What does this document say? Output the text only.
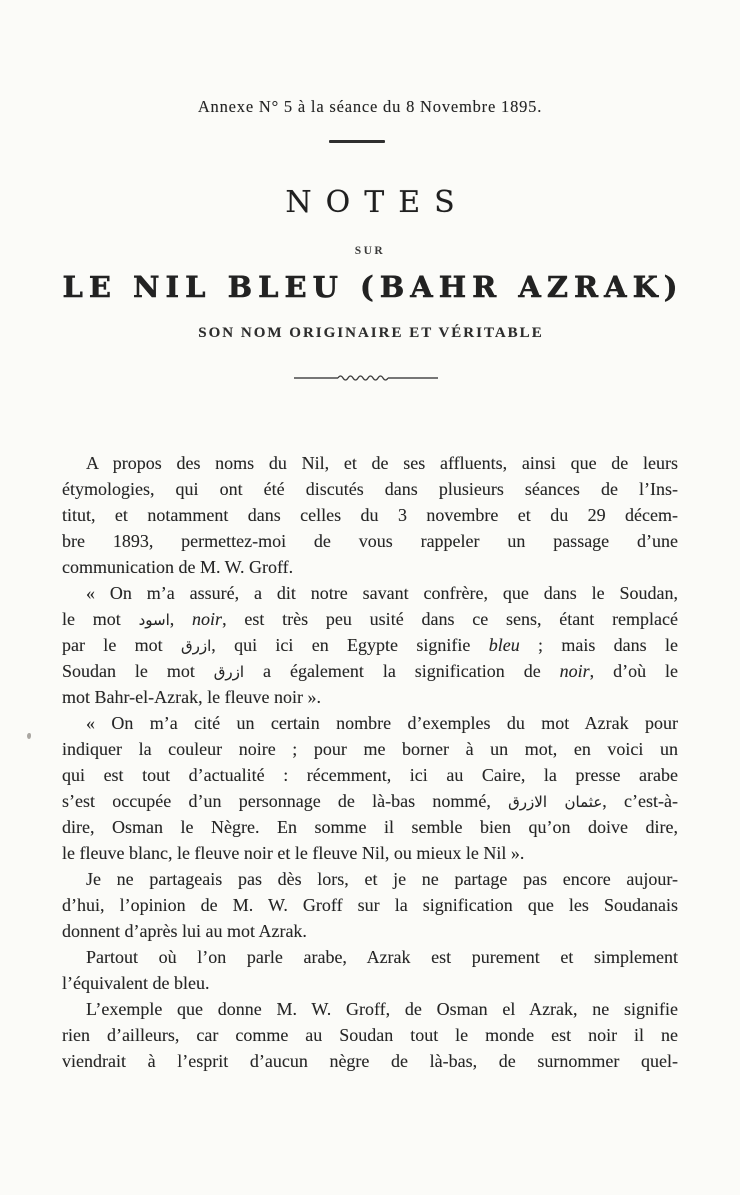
Annexe N° 5 à la séance du 8 Novembre 1895.
NOTES
SUR
LE NIL BLEU (BAHR AZRAK)
SON NOM ORIGINAIRE ET VÉRITABLE
A propos des noms du Nil, et de ses affluents, ainsi que de leurs
étymologies, qui ont été discutés dans plusieurs séances de l’Ins-
titut, et notamment dans celles du 3 novembre et du 29 décem-
bre 1893, permettez-moi de vous rappeler un passage d’une
communication de M. W. Groff.
« On m’a assuré, a dit notre savant confrère, que dans le Soudan,
le mot اسود, noir, est très peu usité dans ce sens, étant remplacé
par le mot ازرق, qui ici en Egypte signifie bleu ; mais dans le
Soudan le mot ازرق a également la signification de noir, d’où le
mot Bahr-el-Azrak, le fleuve noir ».
« On m’a cité un certain nombre d’exemples du mot Azrak pour
indiquer la couleur noire ; pour me borner à un mot, en voici un
qui est tout d’actualité : récemment, ici au Caire, la presse arabe
s’est occupée d’un personnage de là-bas nommé, عثمان الازرق, c’est-à-
dire, Osman le Nègre. En somme il semble bien qu’on doive dire,
le fleuve blanc, le fleuve noir et le fleuve Nil, ou mieux le Nil ».
Je ne partageais pas dès lors, et je ne partage pas encore aujour-
d’hui, l’opinion de M. W. Groff sur la signification que les Soudanais
donnent d’après lui au mot Azrak.
Partout où l’on parle arabe, Azrak est purement et simplement
l’équivalent de bleu.
L’exemple que donne M. W. Groff, de Osman el Azrak, ne signifie
rien d’ailleurs, car comme au Soudan tout le monde est noir il ne
viendrait à l’esprit d’aucun nègre de là-bas, de surnommer quel-
